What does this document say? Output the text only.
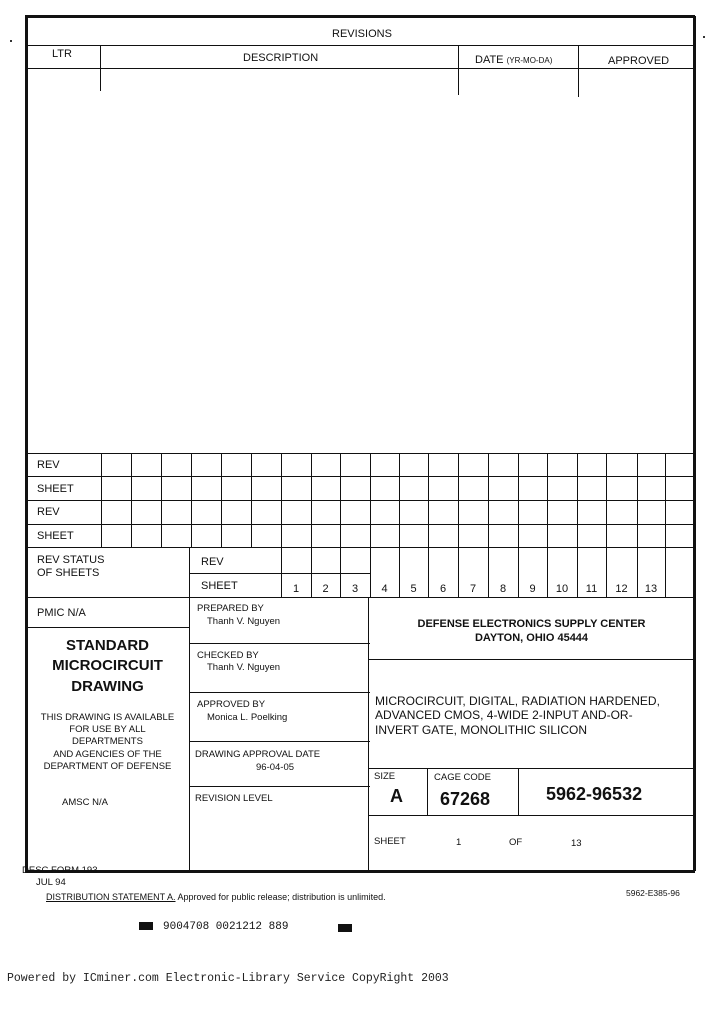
REVISIONS
LTR	DESCRIPTION	DATE (YR-MO-DA)	APPROVED
REV
SHEET
REV
SHEET
REV STATUS
OF SHEETS
REV
SHEET	1	2	3	4	5	6	7	8	9	10	11	12	13
PMIC N/A
STANDARD
MICROCIRCUIT
DRAWING
THIS DRAWING IS AVAILABLE
FOR USE BY ALL
DEPARTMENTS
AND AGENCIES OF THE
DEPARTMENT OF DEFENSE
AMSC N/A
PREPARED BY
Thanh V. Nguyen
CHECKED BY
Thanh V. Nguyen
APPROVED BY
Monica L. Poelking
DRAWING APPROVAL DATE
96-04-05
REVISION LEVEL
DEFENSE ELECTRONICS SUPPLY CENTER
DAYTON, OHIO 45444
MICROCIRCUIT, DIGITAL, RADIATION HARDENED,
ADVANCED CMOS, 4-WIDE 2-INPUT AND-OR-
INVERT GATE, MONOLITHIC SILICON
SIZE
A
CAGE CODE
67268	5962-96532
SHEET	1	OF	13
DESC FORM 193
JUL 94
DISTRIBUTION STATEMENT A. Approved for public release; distribution is unlimited.	5962-E385-96
9004708 0021212 889
Powered by ICminer.com Electronic-Library Service CopyRight 2003
